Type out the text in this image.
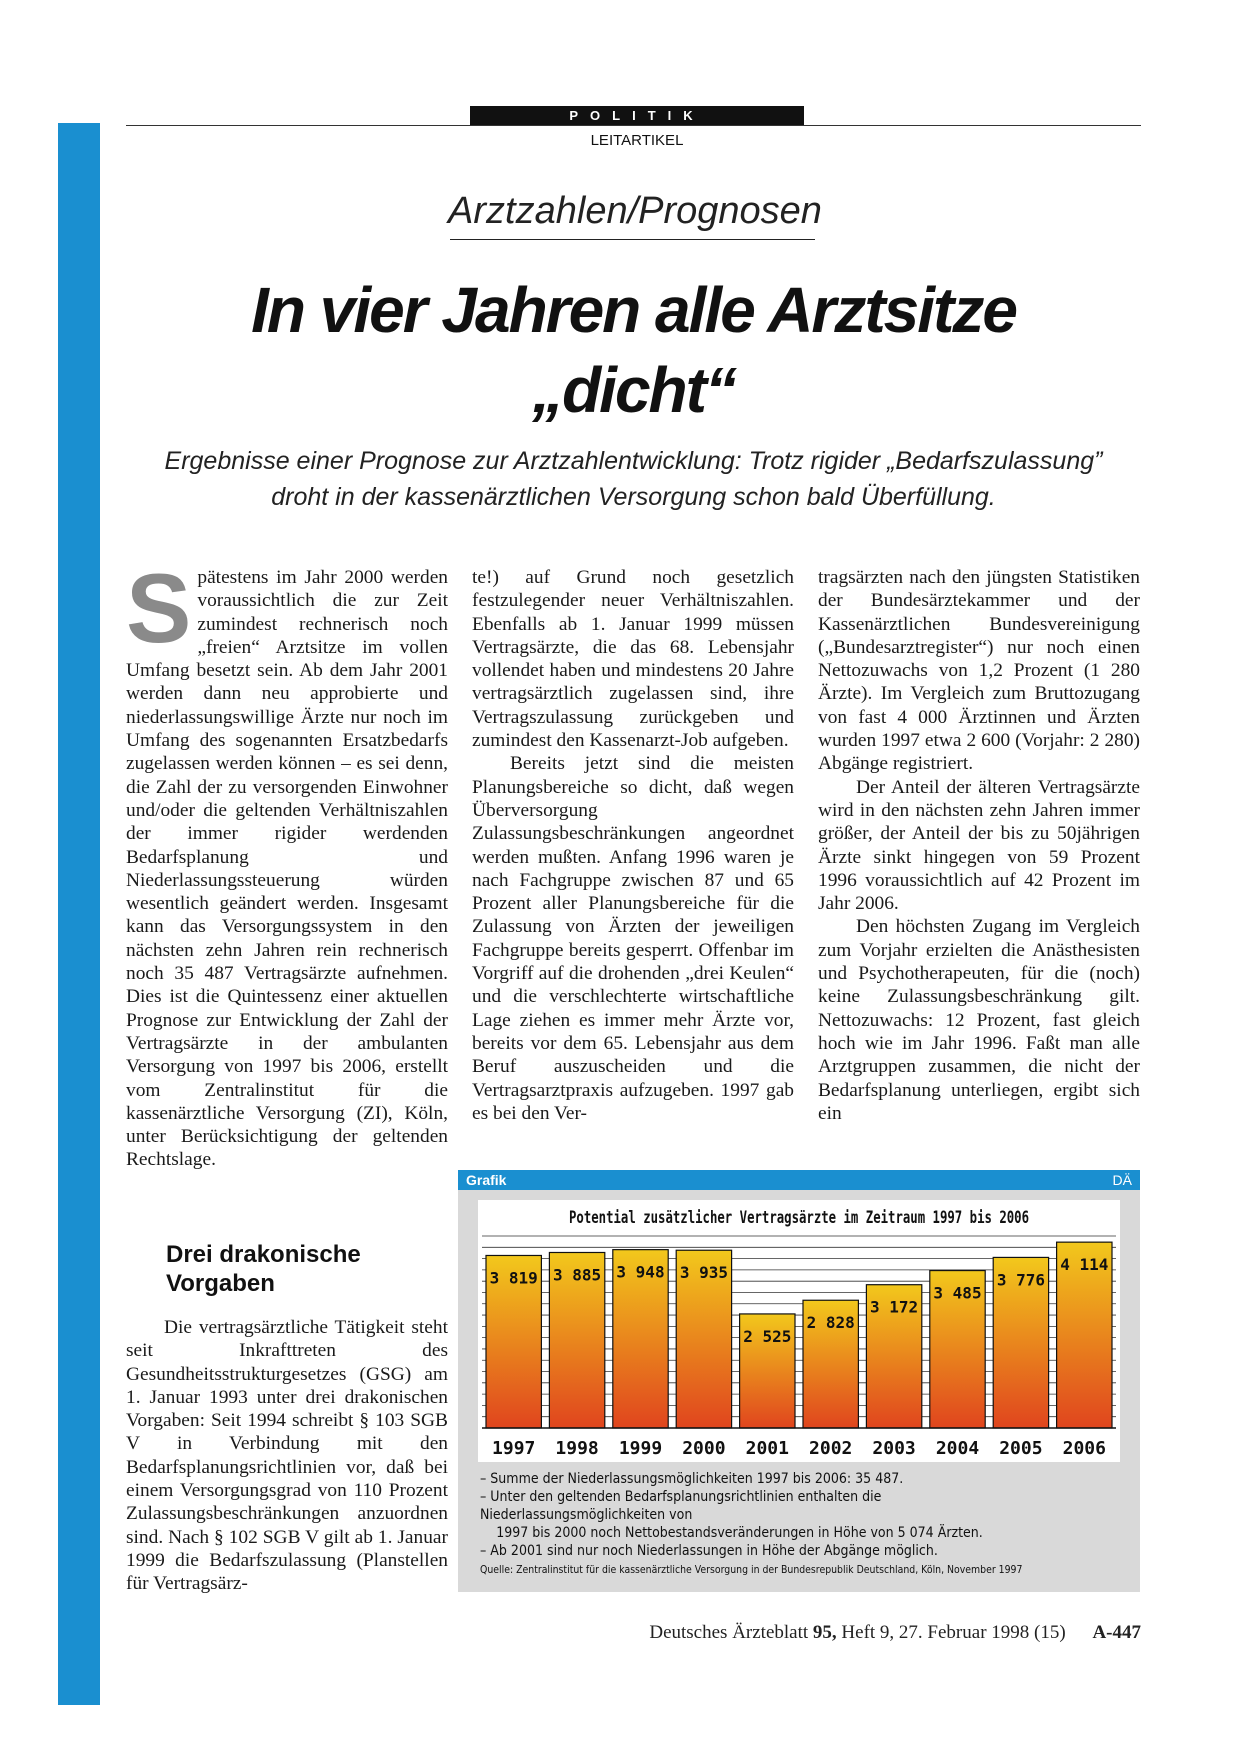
POLITIK
LEITARTIKEL
Arztzahlen/Prognosen
In vier Jahren alle Arztsitze
„dicht“

Ergebnisse einer Prognose zur Arztzahlentwicklung: Trotz rigider „Bedarfszulassung”
droht in der kassenärztlichen Versorgung schon bald Überfüllung.

Spätestens im Jahr 2000 werden voraussichtlich die zur Zeit zumindest rechnerisch noch „freien“ Arztsitze im vollen Umfang besetzt sein. Ab dem Jahr 2001 werden dann neu approbierte und niederlassungswillige Ärzte nur noch im Umfang des sogenannten Ersatzbedarfs zugelassen werden können – es sei denn, die Zahl der zu versorgenden Einwohner und/oder die geltenden Verhältniszahlen der immer rigider werdenden Bedarfsplanung und Niederlassungssteuerung würden wesentlich geändert werden. Insgesamt kann das Versorgungssystem in den nächsten zehn Jahren rein rechnerisch noch 35 487 Vertragsärzte aufnehmen. Dies ist die Quintessenz einer aktuellen Prognose zur Entwicklung der Zahl der Vertragsärzte in der ambulanten Versorgung von 1997 bis 2006, erstellt vom Zentralinstitut für die kassenärztliche Versorgung (ZI), Köln, unter Berücksichtigung der geltenden Rechtslage.

Drei drakonische Vorgaben

Die vertragsärztliche Tätigkeit steht seit Inkrafttreten des Gesundheitsstrukturgesetzes (GSG) am 1. Januar 1993 unter drei drakonischen Vorgaben: Seit 1994 schreibt § 103 SGB V in Verbindung mit den Bedarfsplanungsrichtlinien vor, daß bei einem Versorgungsgrad von 110 Prozent Zulassungsbeschränkungen anzuordnen sind. Nach § 102 SGB V gilt ab 1. Januar 1999 die Bedarfszulassung (Planstellen für Vertragsärz-

te!) auf Grund noch gesetzlich festzulegender neuer Verhältniszahlen. Ebenfalls ab 1. Januar 1999 müssen Vertragsärzte, die das 68. Lebensjahr vollendet haben und mindestens 20 Jahre vertragsärztlich zugelassen sind, ihre Vertragszulassung zurückgeben und zumindest den Kassenarzt-Job aufgeben.

Bereits jetzt sind die meisten Planungsbereiche so dicht, daß wegen Überversorgung Zulassungsbeschränkungen angeordnet werden mußten. Anfang 1996 waren je nach Fachgruppe zwischen 87 und 65 Prozent aller Planungsbereiche für die Zulassung von Ärzten der jeweiligen Fachgruppe bereits gesperrt. Offenbar im Vorgriff auf die drohenden „drei Keulen“ und die verschlechterte wirtschaftliche Lage ziehen es immer mehr Ärzte vor, bereits vor dem 65. Lebensjahr aus dem Beruf auszuscheiden und die Vertragsarztpraxis aufzugeben. 1997 gab es bei den Ver-

tragsärzten nach den jüngsten Statistiken der Bundesärztekammer und der Kassenärztlichen Bundesvereinigung („Bundesarztregister“) nur noch einen Nettozuwachs von 1,2 Prozent (1 280 Ärzte). Im Vergleich zum Bruttozugang von fast 4 000 Ärztinnen und Ärzten wurden 1997 etwa 2 600 (Vorjahr: 2 280) Abgänge registriert.

Der Anteil der älteren Vertragsärzte wird in den nächsten zehn Jahren immer größer, der Anteil der bis zu 50jährigen Ärzte sinkt hingegen von 59 Prozent 1996 voraussichtlich auf 42 Prozent im Jahr 2006.

Den höchsten Zugang im Vergleich zum Vorjahr erzielten die Anästhesisten und Psychotherapeuten, für die (noch) keine Zulassungsbeschränkung gilt. Nettozuwachs: 12 Prozent, fast gleich hoch wie im Jahr 1996. Faßt man alle Arztgruppen zusammen, die nicht der Bedarfsplanung unterliegen, ergibt sich ein

Grafik	DÄ
Potential zusätzlicher Vertragsärzte im Zeitraum 1997 bis 2006
3 819
1997
3 885
1998
3 948
1999
3 935
2000
2 525
2001
2 828
2002
3 172
2003
3 485
2004
3 776
2005
4 114
2006

– Summe der Niederlassungsmöglichkeiten 1997 bis 2006: 35 487.

– Unter den geltenden Bedarfsplanungsrichtlinien enthalten die Niederlassungsmöglichkeiten von

1997 bis 2000 noch Nettobestandsveränderungen in Höhe von 5 074 Ärzten.

– Ab 2001 sind nur noch Niederlassungen in Höhe der Abgänge möglich.

Quelle: Zentralinstitut für die kassenärztliche Versorgung in der Bundesrepublik Deutschland, Köln, November 1997
Deutsches Ärzteblatt 95, Heft 9, 27. Februar 1998 (15) A-447
